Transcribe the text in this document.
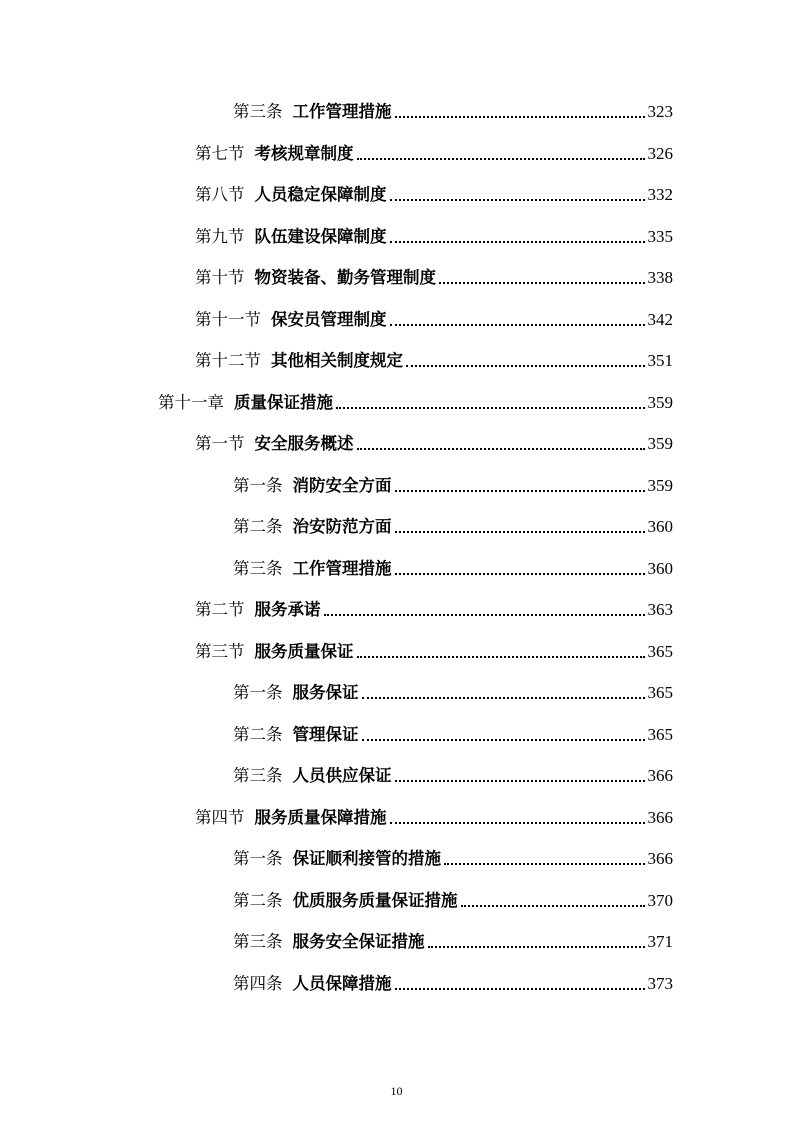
第三条 工作管理措施	323
第七节 考核规章制度	326
第八节 人员稳定保障制度	332
第九节 队伍建设保障制度	335
第十节 物资装备、勤务管理制度	338
第十一节 保安员管理制度	342
第十二节 其他相关制度规定	351
第十一章 质量保证措施	359
第一节 安全服务概述	359
第一条 消防安全方面	359
第二条 治安防范方面	360
第三条 工作管理措施	360
第二节 服务承诺	363
第三节 服务质量保证	365
第一条 服务保证	365
第二条 管理保证	365
第三条 人员供应保证	366
第四节 服务质量保障措施	366
第一条 保证顺利接管的措施	366
第二条 优质服务质量保证措施	370
第三条 服务安全保证措施	371
第四条 人员保障措施	373
10
